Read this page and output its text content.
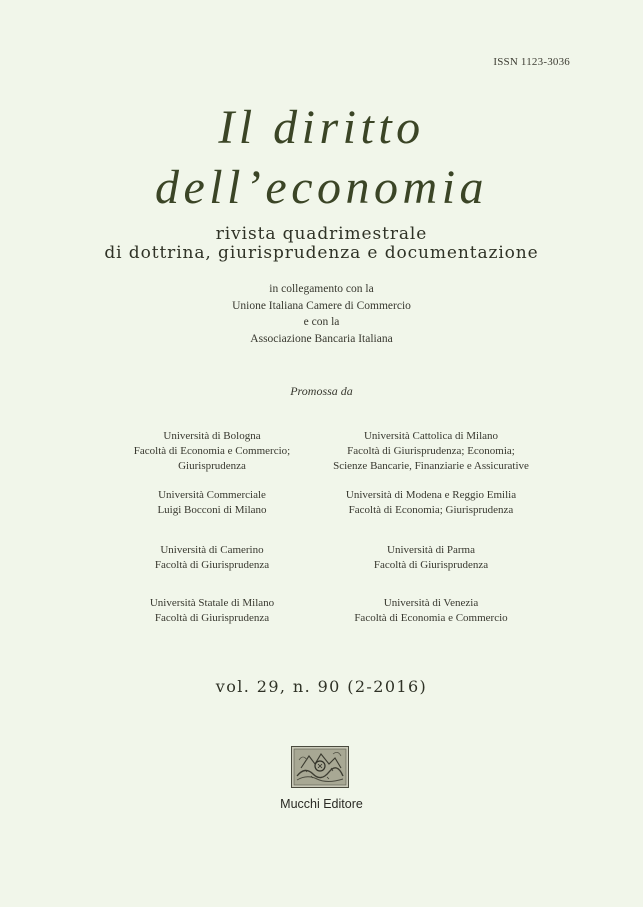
ISSN 1123-3036
Il diritto
dell’economia
rivista quadrimestrale
di dottrina, giurisprudenza e documentazione
in collegamento con la
Unione Italiana Camere di Commercio
e con la
Associazione Bancaria Italiana
Promossa da
Università di Bologna
Facoltà di Economia e Commercio;
Giurisprudenza
Università Cattolica di Milano
Facoltà di Giurisprudenza; Economia;
Scienze Bancarie, Finanziarie e Assicurative
Università Commerciale
Luigi Bocconi di Milano
Università di Modena e Reggio Emilia
Facoltà di Economia; Giurisprudenza
Università di Camerino
Facoltà di Giurisprudenza
Università di Parma
Facoltà di Giurisprudenza
Università Statale di Milano
Facoltà di Giurisprudenza
Università di Venezia
Facoltà di Economia e Commercio
vol. 29, n. 90 (2-2016)
Mucchi Editore
